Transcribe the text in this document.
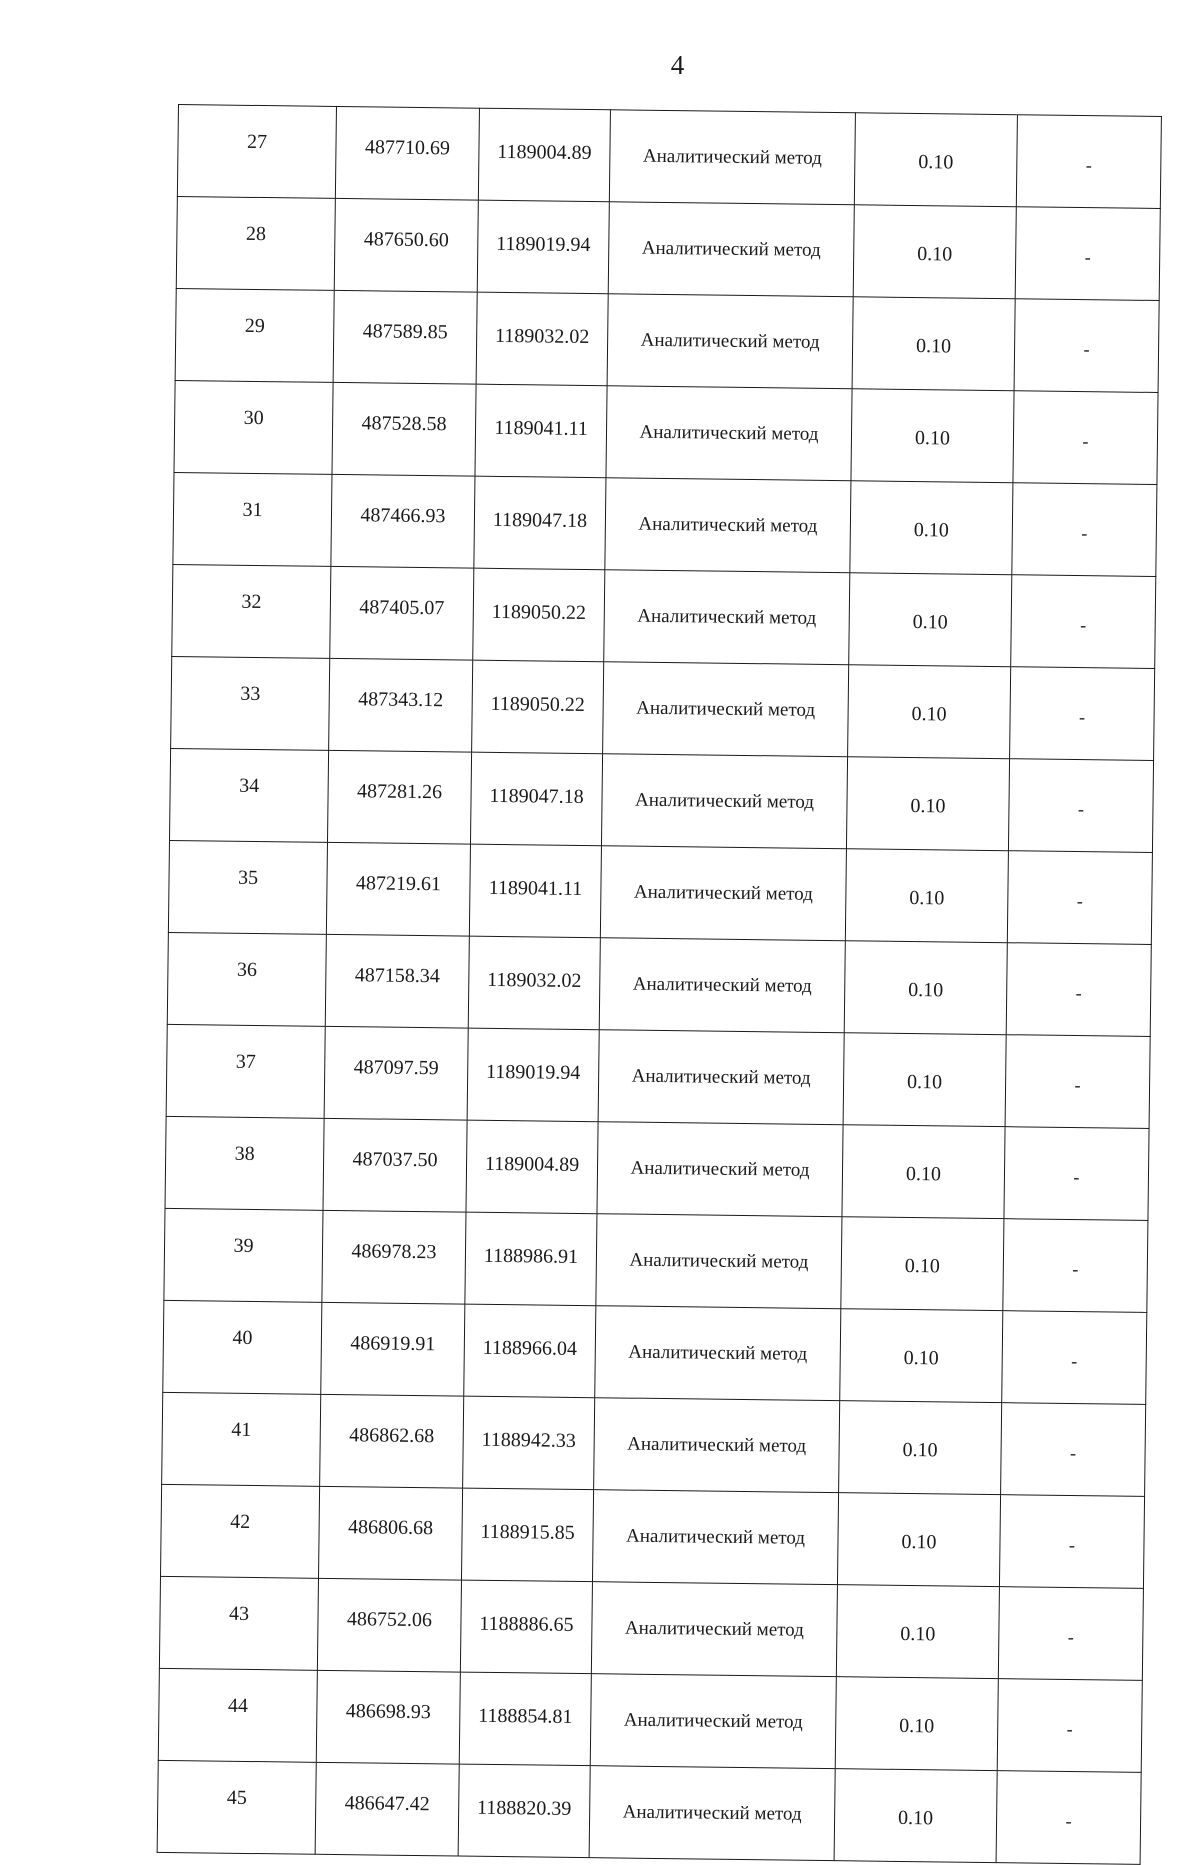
4
27	487710.69	1189004.89	Аналитический метод	0.10	-
28	487650.60	1189019.94	Аналитический метод	0.10	-
29	487589.85	1189032.02	Аналитический метод	0.10	-
30	487528.58	1189041.11	Аналитический метод	0.10	-
31	487466.93	1189047.18	Аналитический метод	0.10	-
32	487405.07	1189050.22	Аналитический метод	0.10	-
33	487343.12	1189050.22	Аналитический метод	0.10	-
34	487281.26	1189047.18	Аналитический метод	0.10	-
35	487219.61	1189041.11	Аналитический метод	0.10	-
36	487158.34	1189032.02	Аналитический метод	0.10	-
37	487097.59	1189019.94	Аналитический метод	0.10	-
38	487037.50	1189004.89	Аналитический метод	0.10	-
39	486978.23	1188986.91	Аналитический метод	0.10	-
40	486919.91	1188966.04	Аналитический метод	0.10	-
41	486862.68	1188942.33	Аналитический метод	0.10	-
42	486806.68	1188915.85	Аналитический метод	0.10	-
43	486752.06	1188886.65	Аналитический метод	0.10	-
44	486698.93	1188854.81	Аналитический метод	0.10	-
45	486647.42	1188820.39	Аналитический метод	0.10	-
